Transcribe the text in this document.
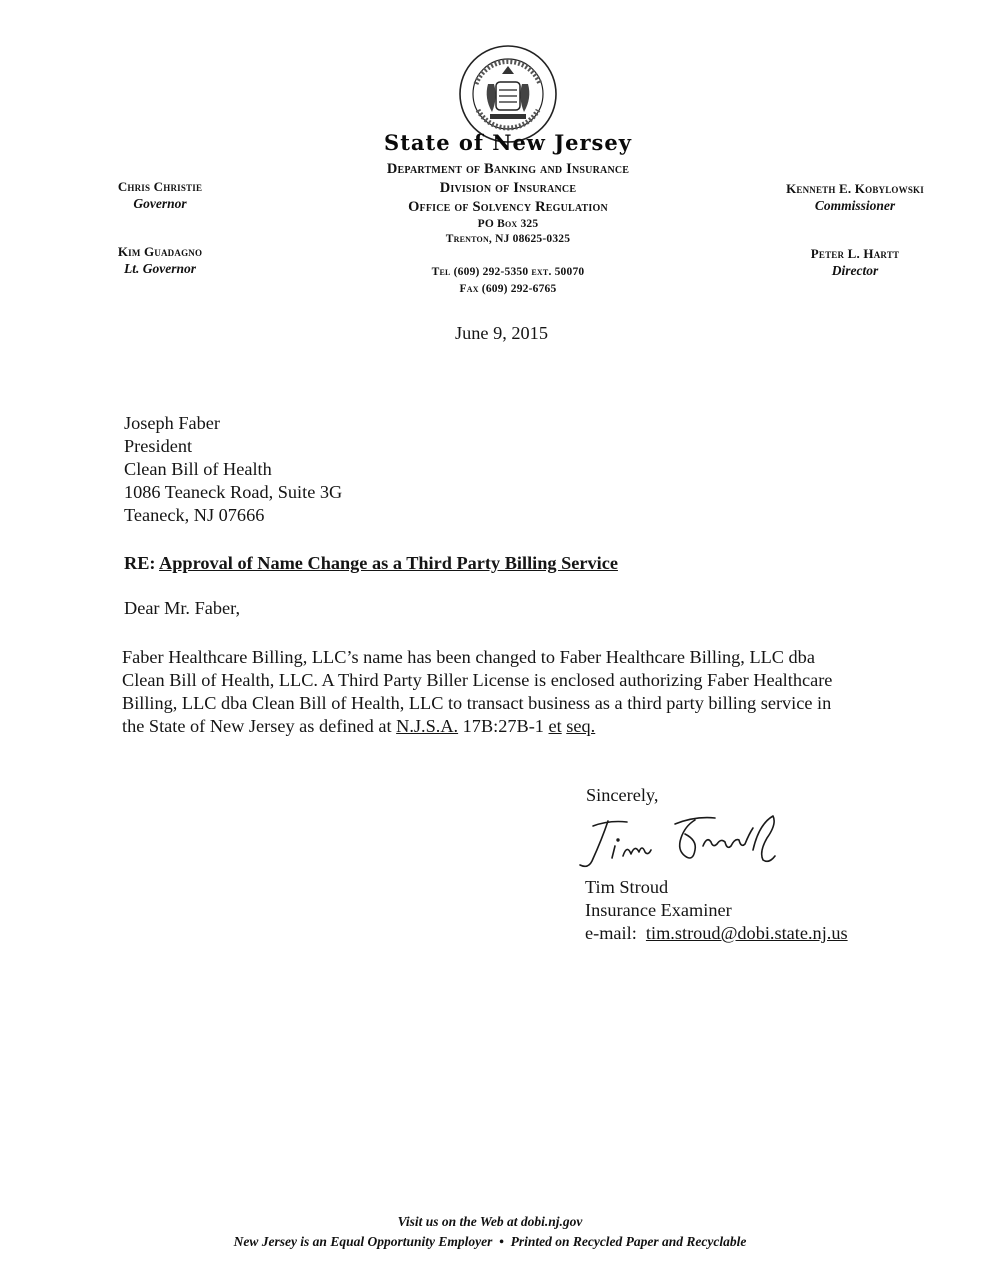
State of New Jersey
Department of Banking and Insurance
Division of Insurance
Office of Solvency Regulation
PO Box 325
Trenton, NJ 08625-0325
Tel (609) 292-5350 ext. 50070
Fax (609) 292-6765
Chris Christie
Governor
Kim Guadagno
Lt. Governor
Kenneth E. Kobylowski
Commissioner
Peter L. Hartt
Director
June 9, 2015
Joseph Faber
President
Clean Bill of Health
1086 Teaneck Road, Suite 3G
Teaneck, NJ 07666
RE: Approval of Name Change as a Third Party Billing Service
Dear Mr. Faber,
Faber Healthcare Billing, LLC’s name has been changed to Faber Healthcare Billing, LLC dba
Clean Bill of Health, LLC. A Third Party Biller License is enclosed authorizing Faber Healthcare
Billing, LLC dba Clean Bill of Health, LLC to transact business as a third party billing service in
the State of New Jersey as defined at N.J.S.A. 17B:27B-1 et seq.
Sincerely,
Tim Stroud
Insurance Examiner
e-mail: tim.stroud@dobi.state.nj.us
Visit us on the Web at dobi.nj.gov
New Jersey is an Equal Opportunity Employer • Printed on Recycled Paper and Recyclable
